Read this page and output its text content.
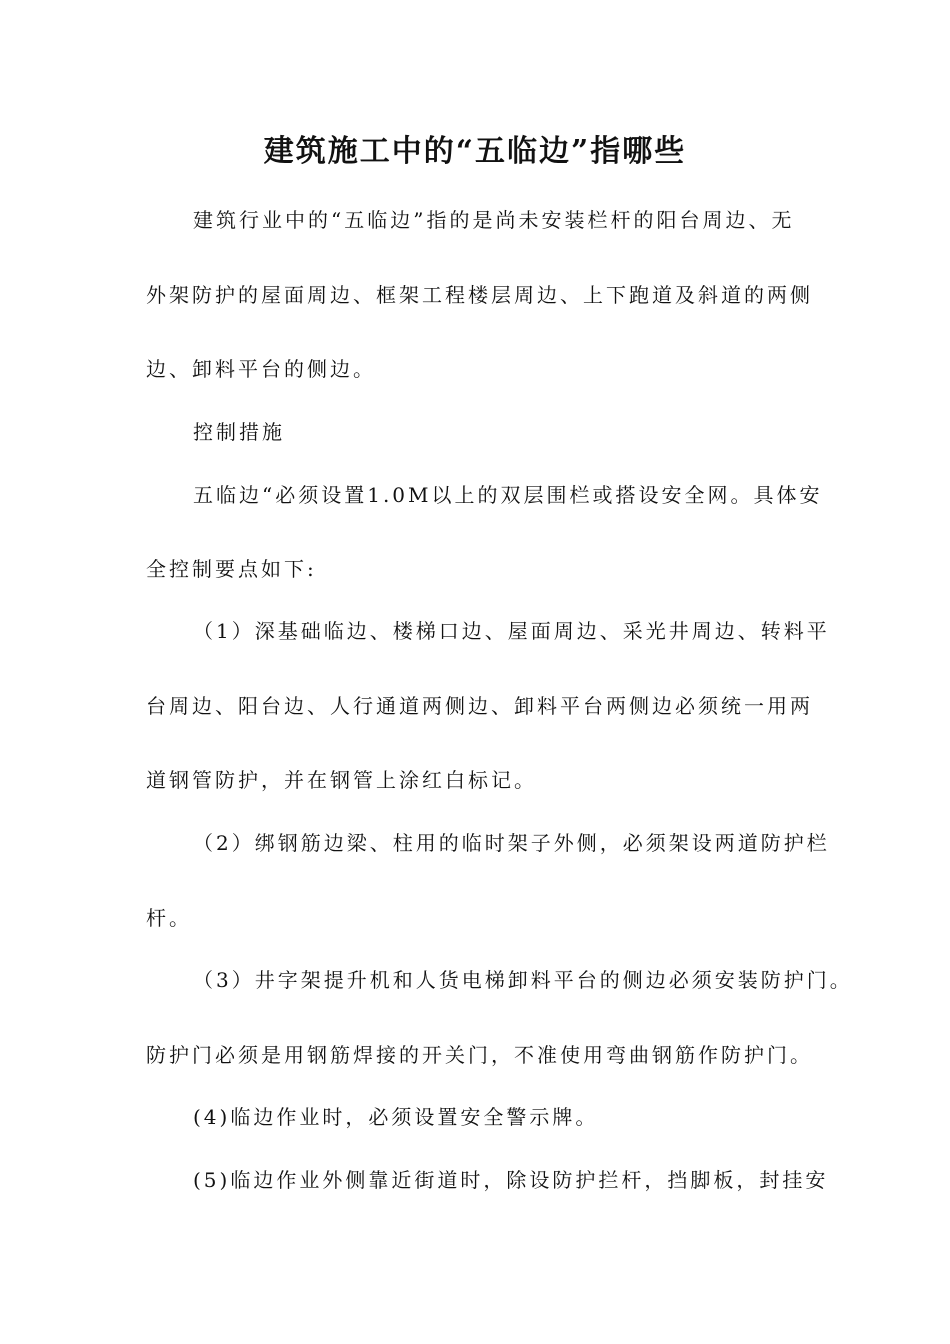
建筑施工中的“五临边”指哪些
建筑行业中的“五临边”指的是尚未安装栏杆的阳台周边、无
外架防护的屋面周边、框架工程楼层周边、上下跑道及斜道的两侧
边、卸料平台的侧边。
控制措施
五临边“必须设置1.0M以上的双层围栏或搭设安全网。具体安
全控制要点如下:
（1）深基础临边、楼梯口边、屋面周边、采光井周边、转料平
台周边、阳台边、人行通道两侧边、卸料平台两侧边必须统一用两
道钢管防护，并在钢管上涂红白标记。
（2）绑钢筋边梁、柱用的临时架子外侧，必须架设两道防护栏
杆。
（3）井字架提升机和人货电梯卸料平台的侧边必须安装防护门。
防护门必须是用钢筋焊接的开关门，不准使用弯曲钢筋作防护门。
(4)临边作业时，必须设置安全警示牌。
(5)临边作业外侧靠近街道时，除设防护拦杆，挡脚板，封挂安
